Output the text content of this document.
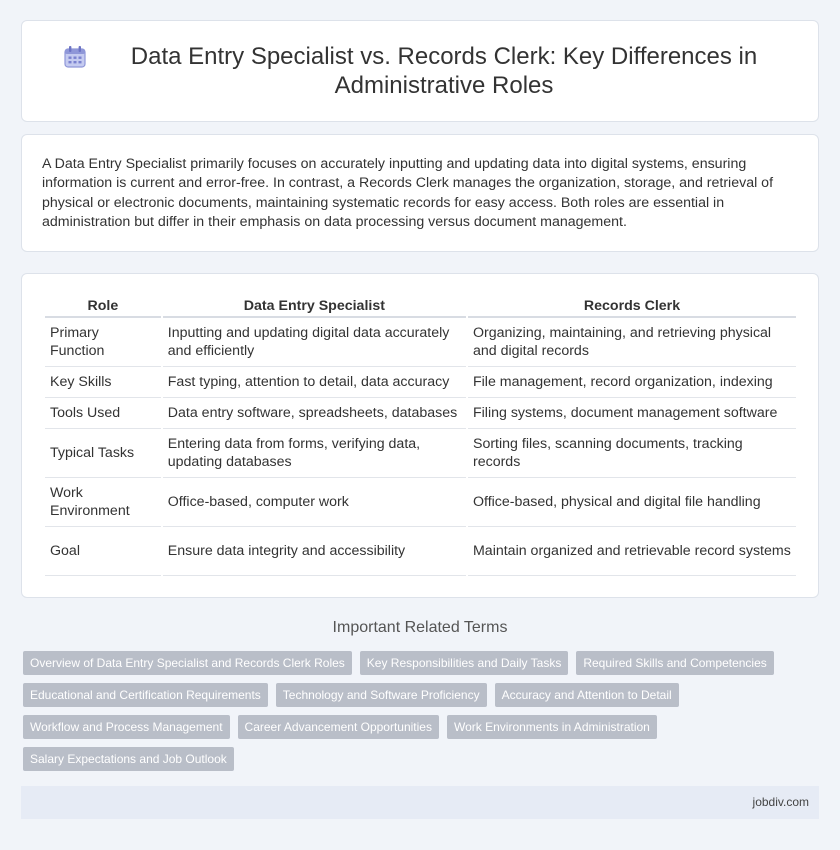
Data Entry Specialist vs. Records Clerk: Key Differences in Administrative Roles

A Data Entry Specialist primarily focuses on accurately inputting and updating data into digital systems, ensuring information is current and error-free. In contrast, a Records Clerk manages the organization, storage, and retrieval of physical or electronic documents, maintaining systematic records for easy access. Both roles are essential in administration but differ in their emphasis on data processing versus document management.

Role	Data Entry Specialist	Records Clerk
Primary Function	Inputting and updating digital data accurately and efficiently	Organizing, maintaining, and retrieving physical and digital records
Key Skills	Fast typing, attention to detail, data accuracy	File management, record organization, indexing
Tools Used	Data entry software, spreadsheets, databases	Filing systems, document management software
Typical Tasks	Entering data from forms, verifying data, updating databases	Sorting files, scanning documents, tracking records
Work Environment	Office-based, computer work	Office-based, physical and digital file handling
Goal	Ensure data integrity and accessibility	Maintain organized and retrievable record systems
Important Related Terms
Overview of Data Entry Specialist and Records Clerk Roles	Key Responsibilities and Daily Tasks	Required Skills and Competencies
Educational and Certification Requirements	Technology and Software Proficiency	Accuracy and Attention to Detail
Workflow and Process Management	Career Advancement Opportunities	Work Environments in Administration
Salary Expectations and Job Outlook
jobdiv.com
